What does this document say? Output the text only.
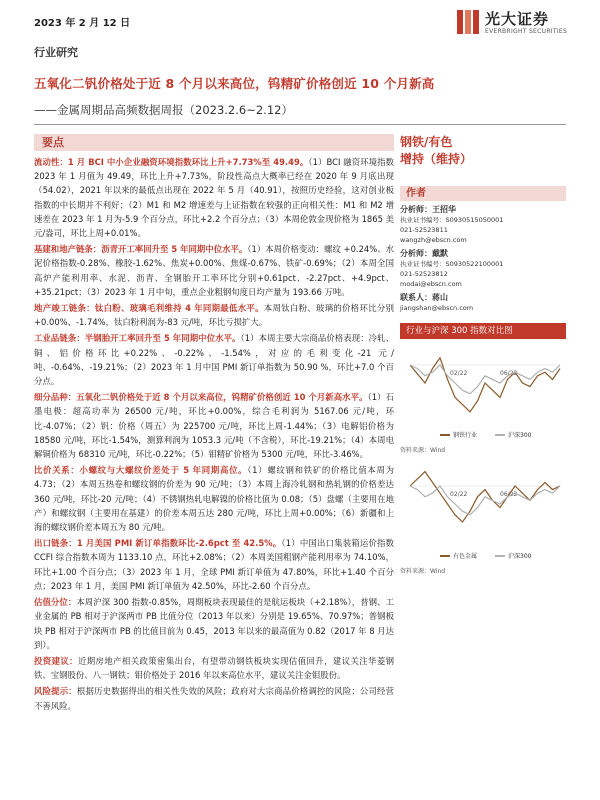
2023 年 2 月 12 日	光大证券
EVERBRIGHT SECURITIES
行业研究
五氧化二钒价格处于近 8 个月以来高位，钨精矿价格创近 10 个月新高
——金属周期品高频数据周报（2023.2.6~2.12）
要点
流动性：1 月 BCI 中小企业融资环境指数环比上升+7.73%至 49.49。（1）BCI 融资环境指数 2023 年 1 月值为 49.49，环比上升+7.73%，阶段性高点大概率已经在 2020 年 9 月底出现（54.02），2021 年以来的最低点出现在 2022 年 5 月（40.91），按照历史经验，这对创业板指数的中长期并不利好；（2）M1 和 M2 增速差与上证指数在较强的正向相关性：M1 和 M2 增速差在 2023 年 1 月为-5.9 个百分点，环比+2.2 个百分点；（3）本周伦敦金现价格为 1865 美元/盎司，环比上周+0.01%。
基建和地产链条：沥青开工率回升至 5 年同期中位水平。（1）本周价格变动：螺纹 +0.24%、水泥价格指数-0.28%、橡胶-1.62%、焦炭+0.00%、焦煤-0.67%、铁矿-0.69%；（2）本周全国高炉产能利用率、水泥、沥青、全钢胎开工率环比分别+0.61pct、-2.27pct、+4.9pct、+35.21pct；（3）2023 年 1 月中旬，重点企业粗钢旬度日均产量为 193.66 万吨。
地产竣工链条：钛白粉、玻璃毛利维持 4 年同期最低水平。本周钛白粉、玻璃的价格环比分别+0.00%、-1.74%，钛白粉利润为-83 元/吨，环比亏损扩大。
工业品链条：半钢胎开工率回升至 5 年同期中位水平。（1）本周主要大宗商品价格表现：冷轧、铜、铝价格环比+0.22%、-0.22%、-1.54%，对应的毛利变化-21 元/吨、-0.64%、-19.21%；（2）2023 年 1 月中国 PMI 新订单指数为 50.90 %，环比+7.0 个百分点。
细分品种：五氧化二钒价格处于近 8 个月以来高位，钨精矿价格创近 10 个月新高水平。（1）石墨电极：超高功率为 26500 元/吨，环比+0.00%，综合毛利润为 5167.06 元/吨，环比-4.07%；（2）钒：价格（周五）为 225700 元/吨，环比上周-1.44%；（3）电解铝价格为 18580 元/吨，环比-1.54%，测算利润为 1053.3 元/吨（不含税），环比-19.21%；（4）本周电解铜价格为 68310 元/吨，环比-0.22%；（5）钼精矿价格为 5300 元/吨，环比-3.46%。
比价关系：小螺纹与大螺纹价差处于 5 年同期高位。（1）螺纹钢和铁矿的价格比值本周为 4.73；（2）本周五热卷和螺纹钢的价差为 90 元/吨；（3）本周上海冷轧钢和热轧钢的价格差达 360 元/吨，环比-20 元/吨；（4）不锈钢热轧电解镍的价格比值为 0.08；（5）盘螺（主要用在地产）和螺纹钢（主要用在基建）的价差本周五达 280 元/吨，环比上周+0.00%；（6）新疆和上海的螺纹钢价差本周五为 80 元/吨。
出口链条：1 月美国 PMI 新订单指数环比-2.6pct 至 42.5%。（1）中国出口集装箱运价指数 CCFI 综合指数本周为 1133.10 点，环比+2.08%；（2）本周美国粗钢产能利用率为 74.10%，环比+1.00 个百分点；（3）2023 年 1 月，全球 PMI 新订单值为 47.80%，环比+1.40 个百分点；2023 年 1 月，美国 PMI 新订单值为 42.50%，环比-2.60 个百分点。
估值分位：本周沪深 300 指数-0.85%，周期板块表现最佳的是航运板块（+2.18%），普钢、工业金属的 PB 相对于沪深两市 PB 比值分位（2013 年以来）分别是 19.65%、70.97%；普钢板块 PB 相对于沪深两市 PB 的比值目前为 0.45，2013 年以来的最高值为 0.82（2017 年 8 月达到）。
投资建议：近期房地产相关政策密集出台，有望带动钢铁板块实现估值回升，建议关注华菱钢铁、宝钢股份、八一钢铁；钼价格处于 2016 年以来高位水平，建议关注金钼股份。
风险提示：根据历史数据得出的相关性失效的风险；政府对大宗商品价格调控的风险；公司经营不善风险。
钢铁/有色
增持（维持）
作者
分析师：王招华
执业证书编号：S0930515050001
021-52523811
wangzh@ebscn.com
分析师：戴默
执业证书编号：S0930522100001
021-52523812
modai@ebscn.com
联系人：蒋山
jiangshan@ebscn.com
行业与沪深 300 指数对比图
02/22	06/22
钢铁行业	沪深300
资料来源：Wind
02/22	06/22
有色金属	沪深300
资料来源：Wind
